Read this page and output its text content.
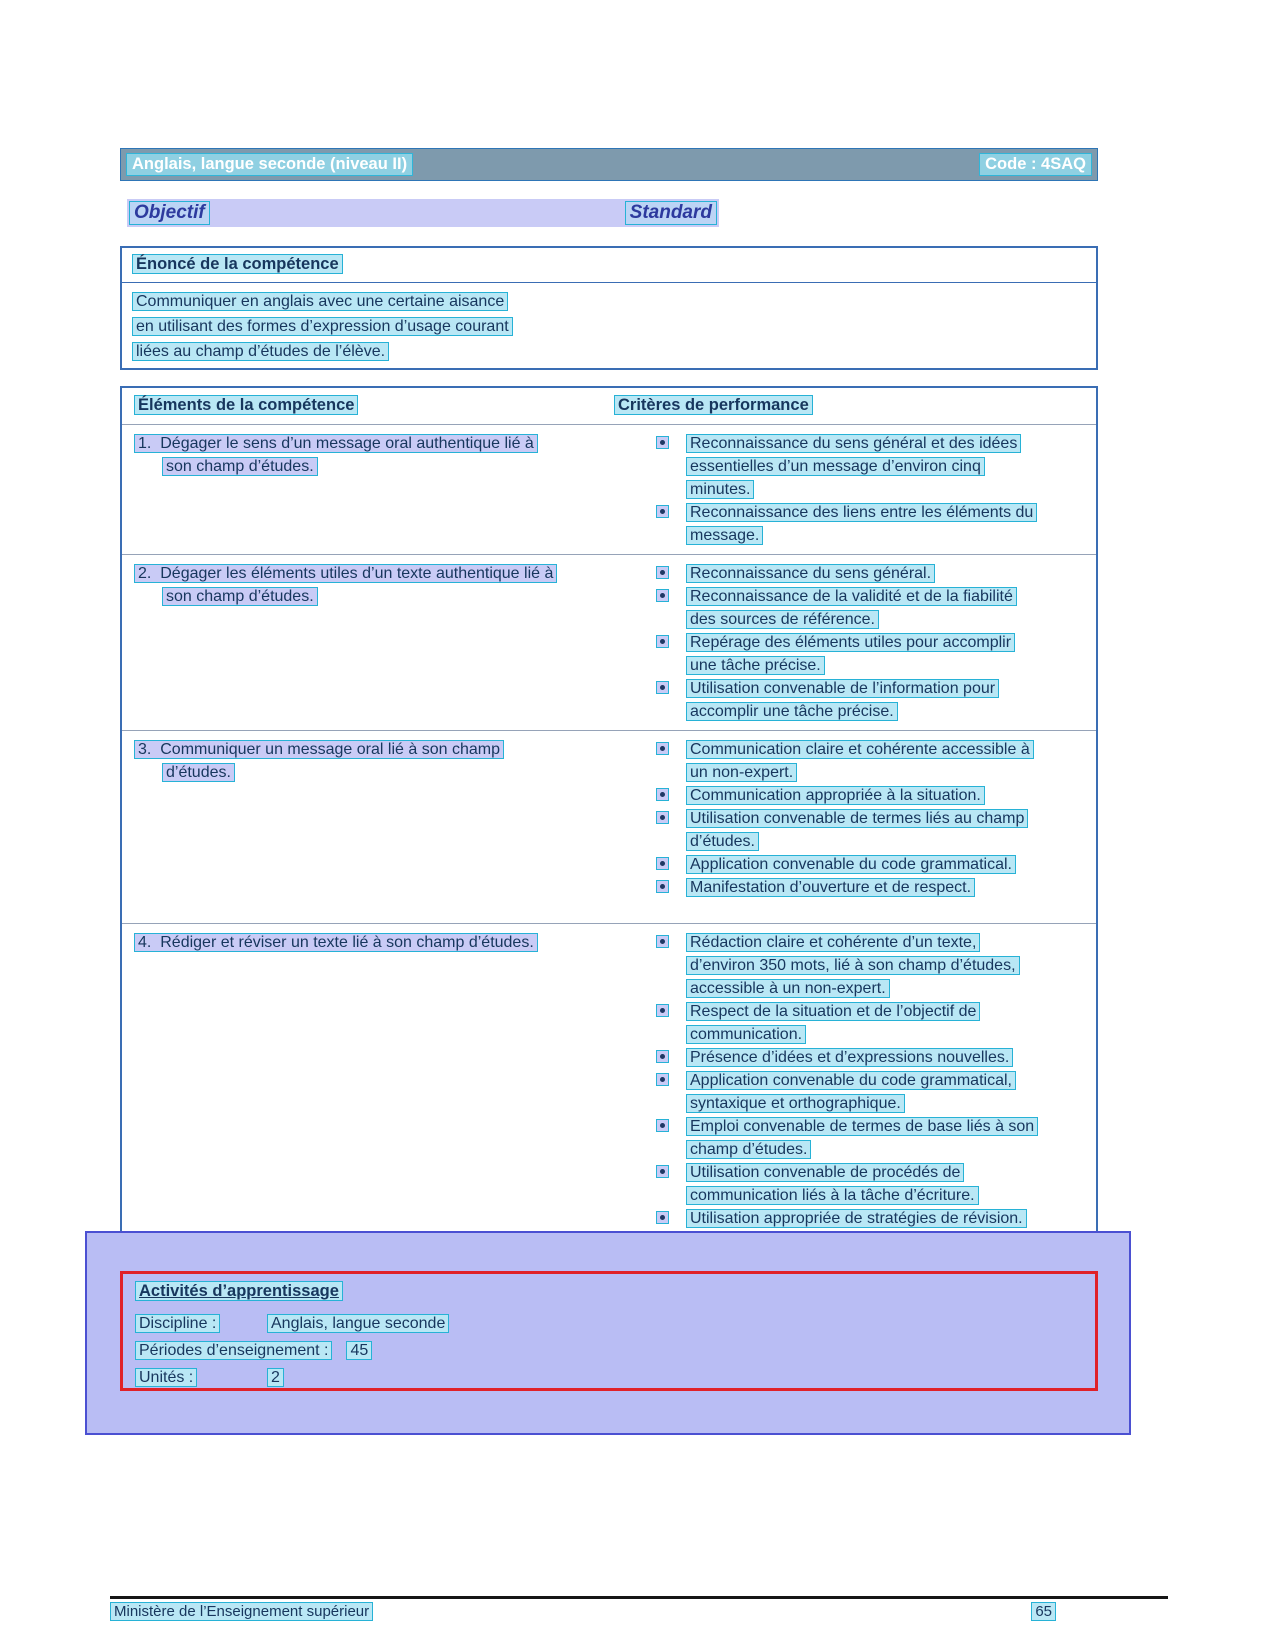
Anglais, langue seconde (niveau II)	Code : 4SAQ
Objectif	Standard
Énoncé de la compétence
Communiquer en anglais avec une certaine aisance
en utilisant des formes d’expression d’usage courant
liées au champ d’études de l’élève.
Éléments de la compétence	Critères de performance
1. Dégager le sens d’un message oral authentique lié à son champ d’études.
Reconnaissance du sens général et des idées essentielles d’un message d’environ cinq minutes.
Reconnaissance des liens entre les éléments du message.
2. Dégager les éléments utiles d’un texte authentique lié à son champ d’études.
Reconnaissance du sens général.
Reconnaissance de la validité et de la fiabilité des sources de référence.
Repérage des éléments utiles pour accomplir une tâche précise.
Utilisation convenable de l’information pour accomplir une tâche précise.
3. Communiquer un message oral lié à son champ d’études.
Communication claire et cohérente accessible à un non-expert.
Communication appropriée à la situation.
Utilisation convenable de termes liés au champ d’études.
Application convenable du code grammatical.
Manifestation d’ouverture et de respect.
4. Rédiger et réviser un texte lié à son champ d’études.	Rédaction claire et cohérente d’un texte, d’environ 350 mots, lié à son champ d’études, accessible à un non-expert.
Respect de la situation et de l’objectif de communication.
Présence d’idées et d’expressions nouvelles.
Application convenable du code grammatical, syntaxique et orthographique.
Emploi convenable de termes de base liés à son champ d’études.
Utilisation convenable de procédés de communication liés à la tâche d’écriture.
Utilisation appropriée de stratégies de révision.
Activités d’apprentissage
Discipline :	Anglais, langue seconde
Périodes d’enseignement : 45
Unités :	2
Ministère de l’Enseignement supérieur	65
